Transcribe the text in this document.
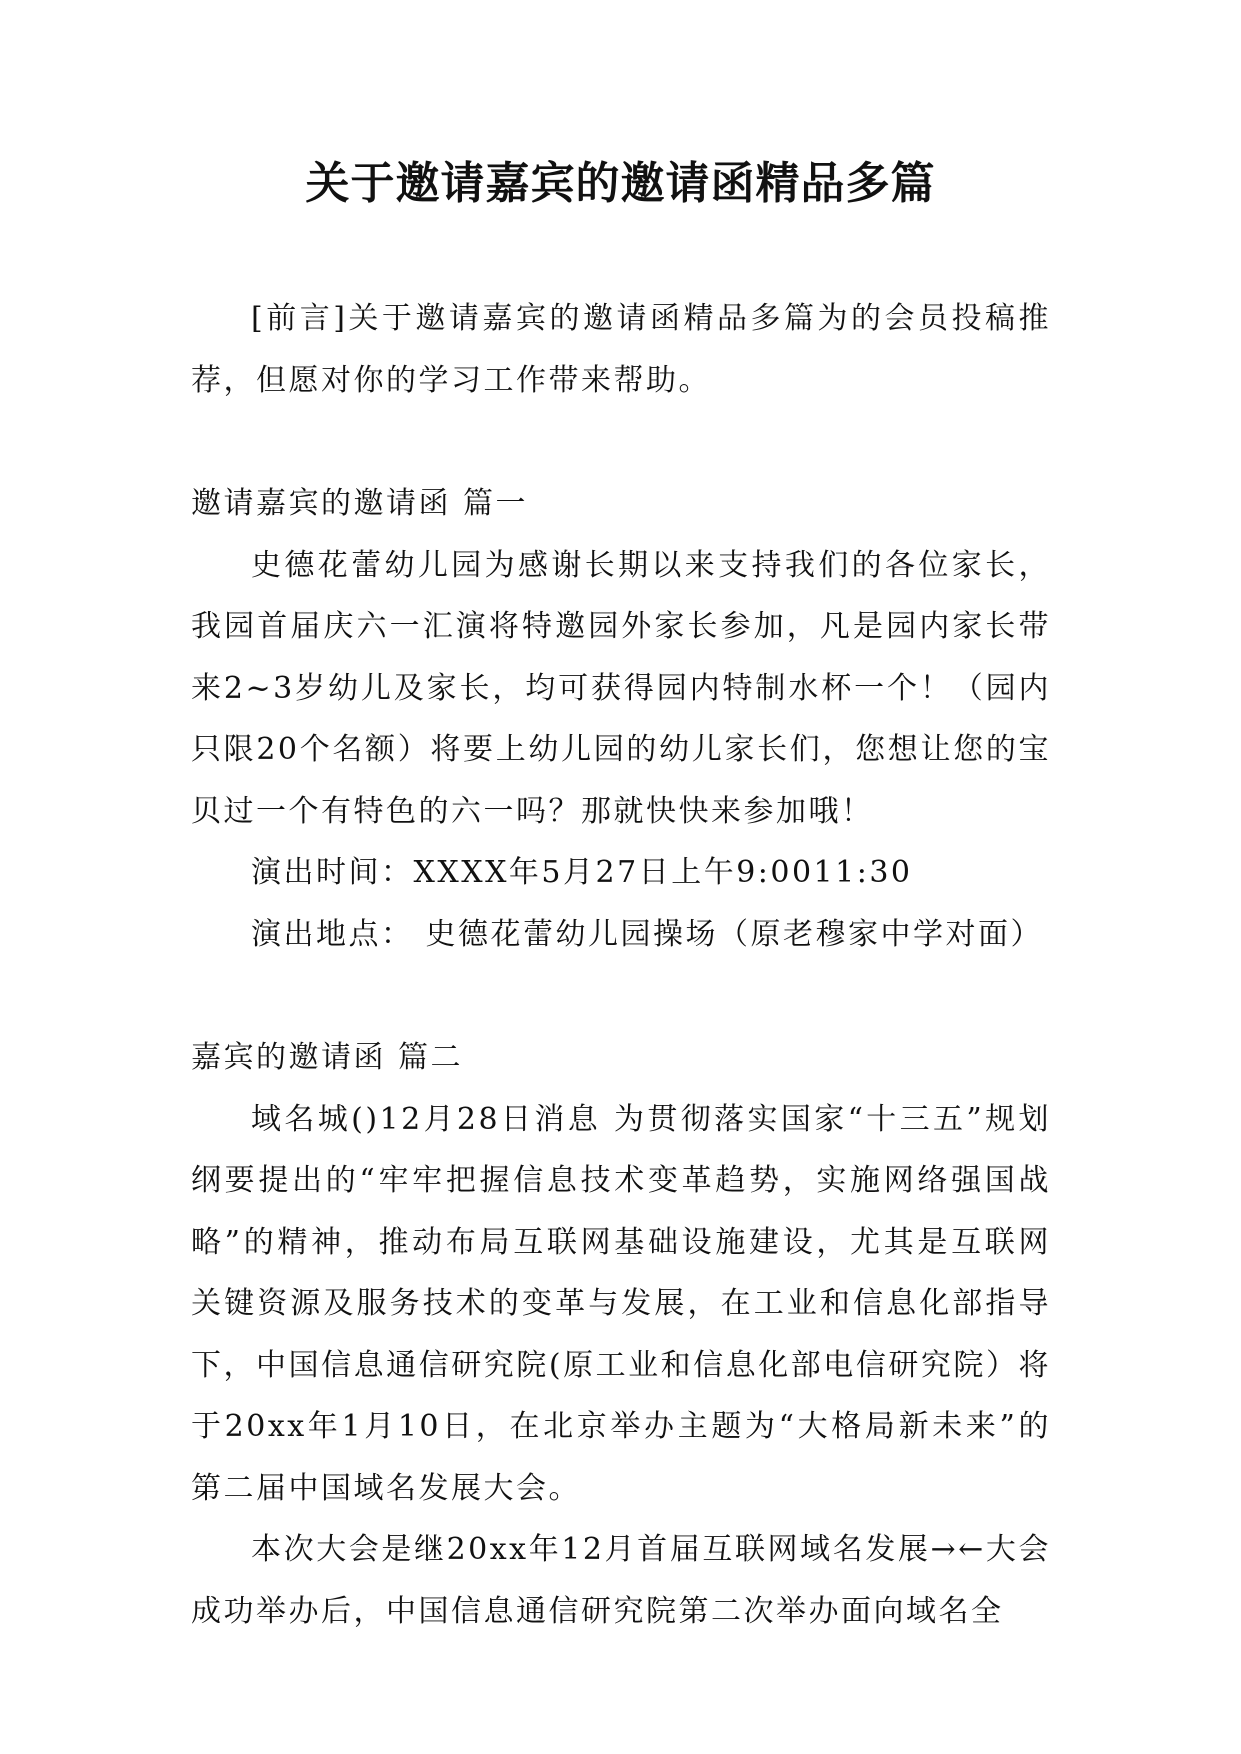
关于邀请嘉宾的邀请函精品多篇

[前言]关于邀请嘉宾的邀请函精品多篇为的会员投稿推荐，但愿对你的学习工作带来帮助。

邀请嘉宾的邀请函 篇一

史德花蕾幼儿园为感谢长期以来支持我们的各位家长，我园首届庆六一汇演将特邀园外家长参加，凡是园内家长带来2~3岁幼儿及家长，均可获得园内特制水杯一个！（园内只限20个名额）将要上幼儿园的幼儿家长们，您想让您的宝贝过一个有特色的六一吗？那就快快来参加哦！

演出时间：XXXX年5月27日上午9:0011:30

演出地点： 史德花蕾幼儿园操场（原老穆家中学对面）

嘉宾的邀请函 篇二

域名城()12月28日消息 为贯彻落实国家“十三五”规划纲要提出的“牢牢把握信息技术变革趋势，实施网络强国战略”的精神，推动布局互联网基础设施建设，尤其是互联网关键资源及服务技术的变革与发展，在工业和信息化部指导下，中国信息通信研究院(原工业和信息化部电信研究院）将于20xx年1月10日，在北京举办主题为“大格局新未来”的第二届中国域名发展大会。

本次大会是继20xx年12月首届互联网域名发展→←大会成功举办后，中国信息通信研究院第二次举办面向域名全
